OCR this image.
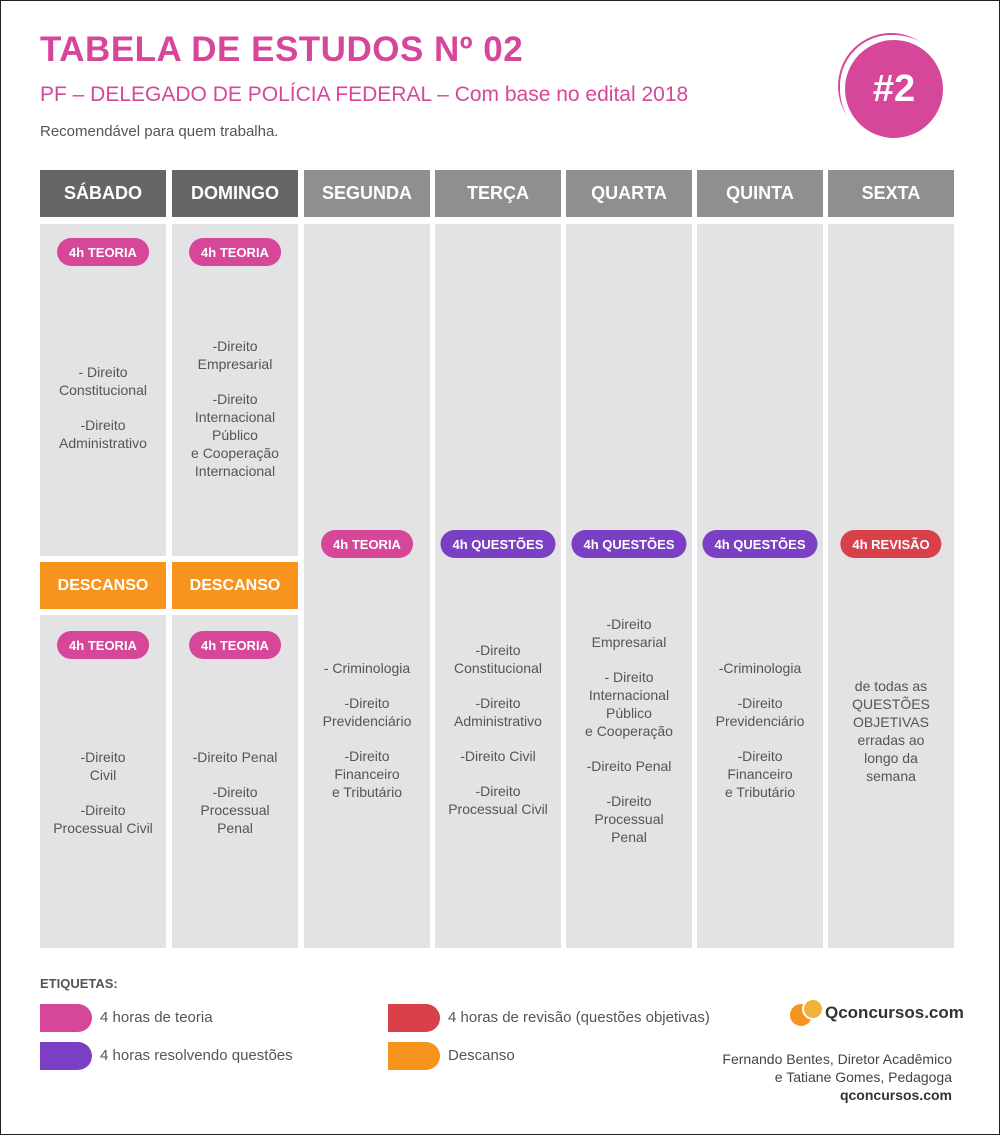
TABELA DE ESTUDOS Nº 02
PF – DELEGADO DE POLÍCIA FEDERAL – Com base no edital 2018
Recomendável para quem trabalha.
#2
SÁBADO
4h TEORIA
- Direito
Constitucional
-Direito
Administrativo
DESCANSO
4h TEORIA
-Direito
Civil
-Direito
Processual Civil
DOMINGO
4h TEORIA
-Direito
Empresarial
-Direito
Internacional
Público
e Cooperação
Internacional
DESCANSO
4h TEORIA
-Direito Penal
-Direito
Processual
Penal
SEGUNDA
4h TEORIA
- Criminologia
-Direito
Previdenciário
-Direito
Financeiro
e Tributário
TERÇA
4h QUESTÕES
-Direito
Constitucional
-Direito
Administrativo
-Direito Civil
-Direito
Processual Civil
QUARTA
4h QUESTÕES
-Direito
Empresarial
- Direito
Internacional
Público
e Cooperação
-Direito Penal
-Direito
Processual
Penal
QUINTA
4h QUESTÕES
-Criminologia
-Direito
Previdenciário
-Direito
Financeiro
e Tributário
SEXTA
4h REVISÃO
de todas as
QUESTÕES
OBJETIVAS
erradas ao
longo da
semana
ETIQUETAS:
4 horas de teoria
4 horas resolvendo questões
4 horas de revisão (questões objetivas)
Descanso
Qconcursos.com
Fernando Bentes, Diretor Acadêmico
e Tatiane Gomes, Pedagoga
qconcursos.com
